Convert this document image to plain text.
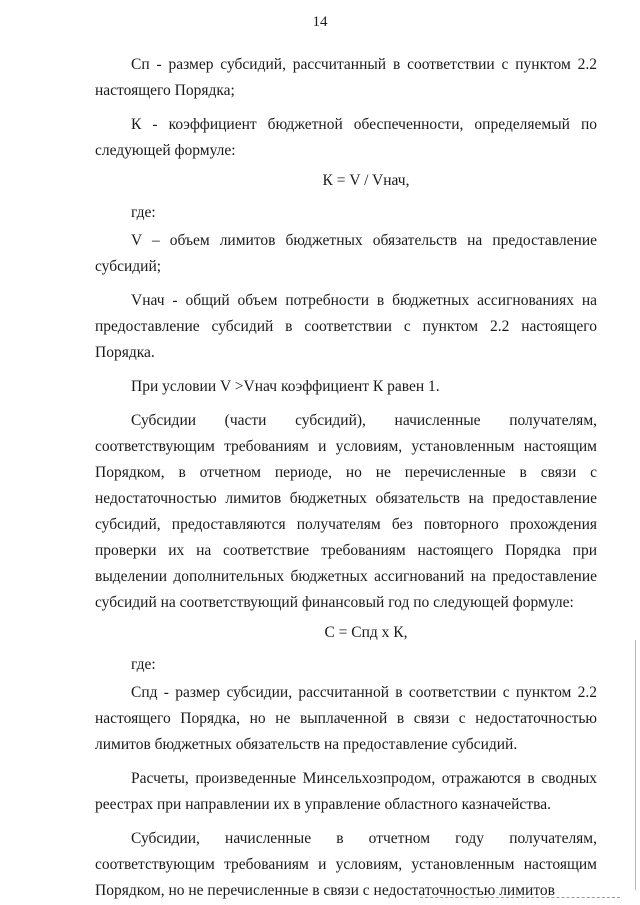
14

Сп - размер субсидий, рассчитанный в соответствии с пунктом 2.2 настоящего Порядка;

К - коэффициент бюджетной обеспеченности, определяемый по следующей формуле:

К = V / Vнач,

где:

V – объем лимитов бюджетных обязательств на предоставление субсидий;

Vнач - общий объем потребности в бюджетных ассигнованиях на предоставление субсидий в соответствии с пунктом 2.2 настоящего Порядка.

При условии V >Vнач коэффициент К равен 1.

Субсидии (части субсидий), начисленные получателям, соответствующим требованиям и условиям, установленным настоящим Порядком, в отчетном периоде, но не перечисленные в связи с недостаточностью лимитов бюджетных обязательств на предоставление субсидий, предоставляются получателям без повторного прохождения проверки их на соответствие требованиям настоящего Порядка при выделении дополнительных бюджетных ассигнований на предоставление субсидий на соответствующий финансовый год по следующей формуле:

С = Спд х К,

где:

Спд - размер субсидии, рассчитанной в соответствии с пунктом 2.2 настоящего Порядка, но не выплаченной в связи с недостаточностью лимитов бюджетных обязательств на предоставление субсидий.

Расчеты, произведенные Минсельхозпродом, отражаются в сводных реестрах при направлении их в управление областного казначейства.

Субсидии, начисленные в отчетном году получателям, соответствующим требованиям и условиям, установленным настоящим Порядком, но не перечисленные в связи с недостаточностью лимитов
